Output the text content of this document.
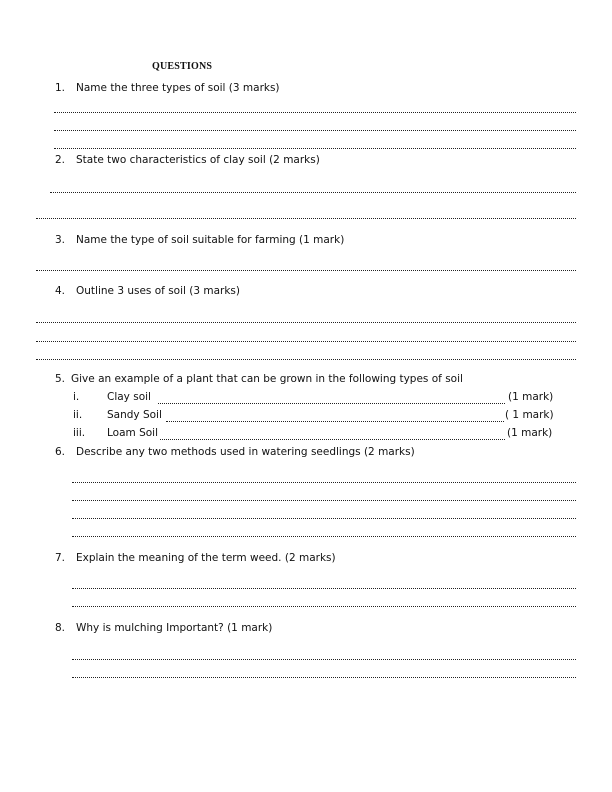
QUESTIONS
1. Name the three types of soil (3 marks)
2. State two characteristics of clay soil (2 marks)
3. Name the type of soil suitable for farming (1 mark)
4. Outline 3 uses of soil (3 marks)
5. Give an example of a plant that can be grown in the following types of soil
i.	Clay soil	(1 mark)
ii. Sandy Soil	( 1 mark)
iii. Loam Soil	(1 mark)
6. Describe any two methods used in watering seedlings (2 marks)
7. Explain the meaning of the term weed. (2 marks)
8. Why is mulching Important? (1 mark)
